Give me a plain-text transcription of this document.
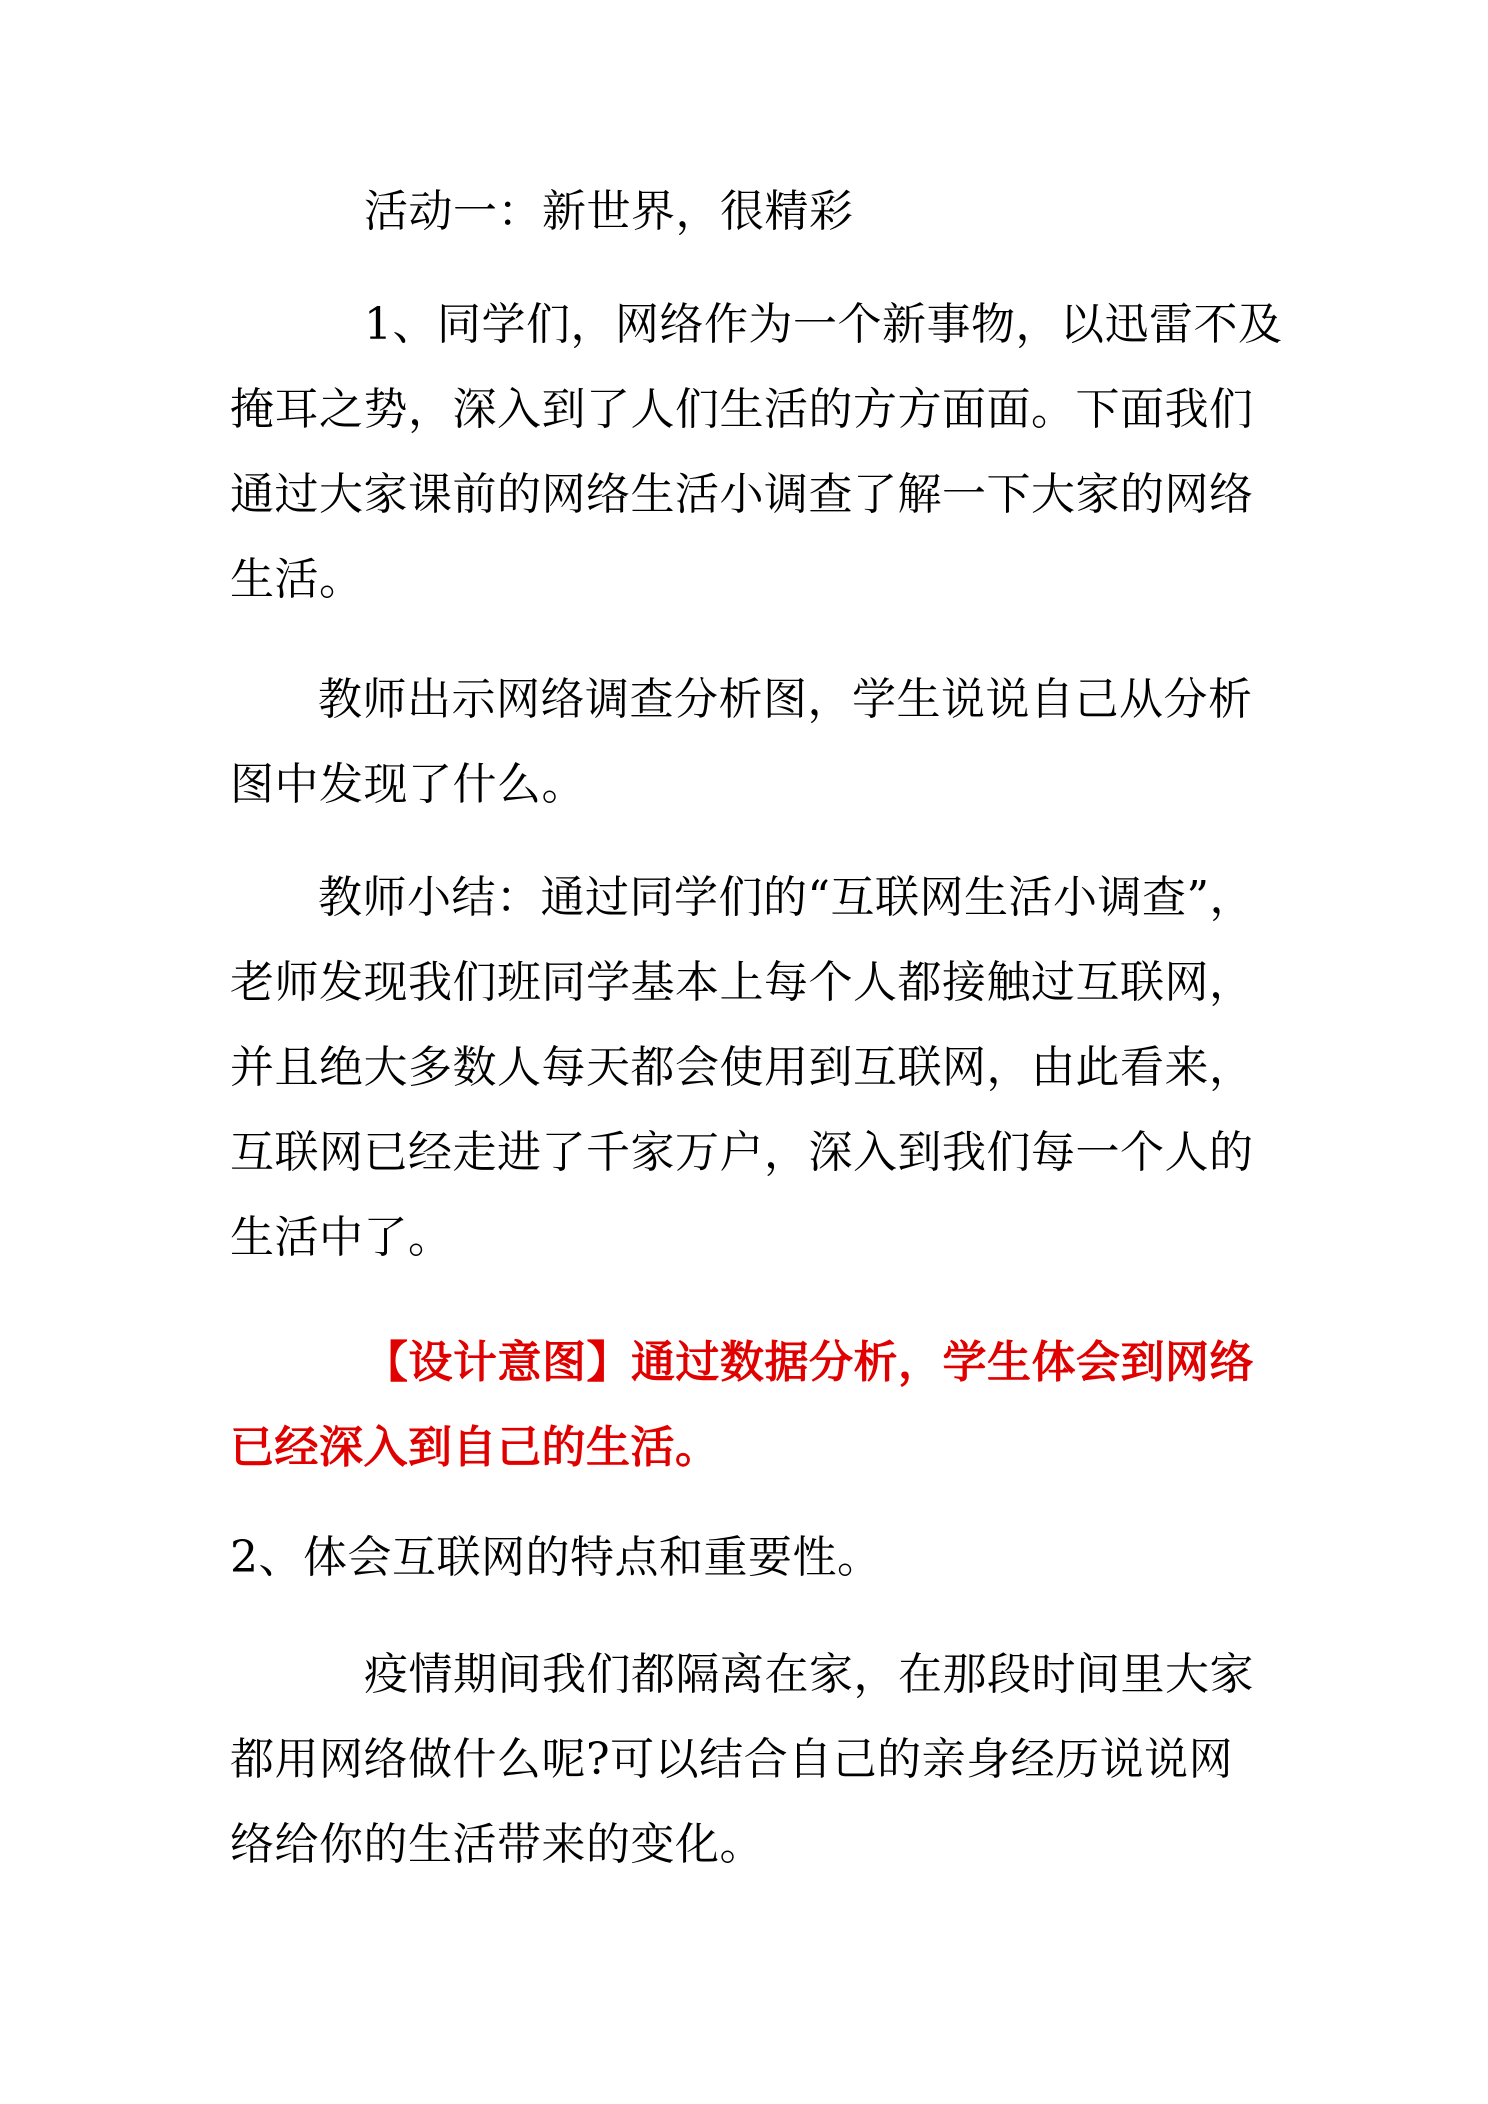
活动一：新世界，很精彩
1、同学们，网络作为一个新事物，以迅雷不及
掩耳之势，深入到了人们生活的方方面面。下面我们
通过大家课前的网络生活小调查了解一下大家的网络
生活。
教师出示网络调查分析图，学生说说自己从分析
图中发现了什么。
教师小结：通过同学们的“互联网生活小调查”，
老师发现我们班同学基本上每个人都接触过互联网，
并且绝大多数人每天都会使用到互联网，由此看来，
互联网已经走进了千家万户，深入到我们每一个人的
生活中了。
【设计意图】通过数据分析，学生体会到网络
已经深入到自己的生活。
2、体会互联网的特点和重要性。
疫情期间我们都隔离在家，在那段时间里大家
都用网络做什么呢?可以结合自己的亲身经历说说网
络给你的生活带来的变化。
